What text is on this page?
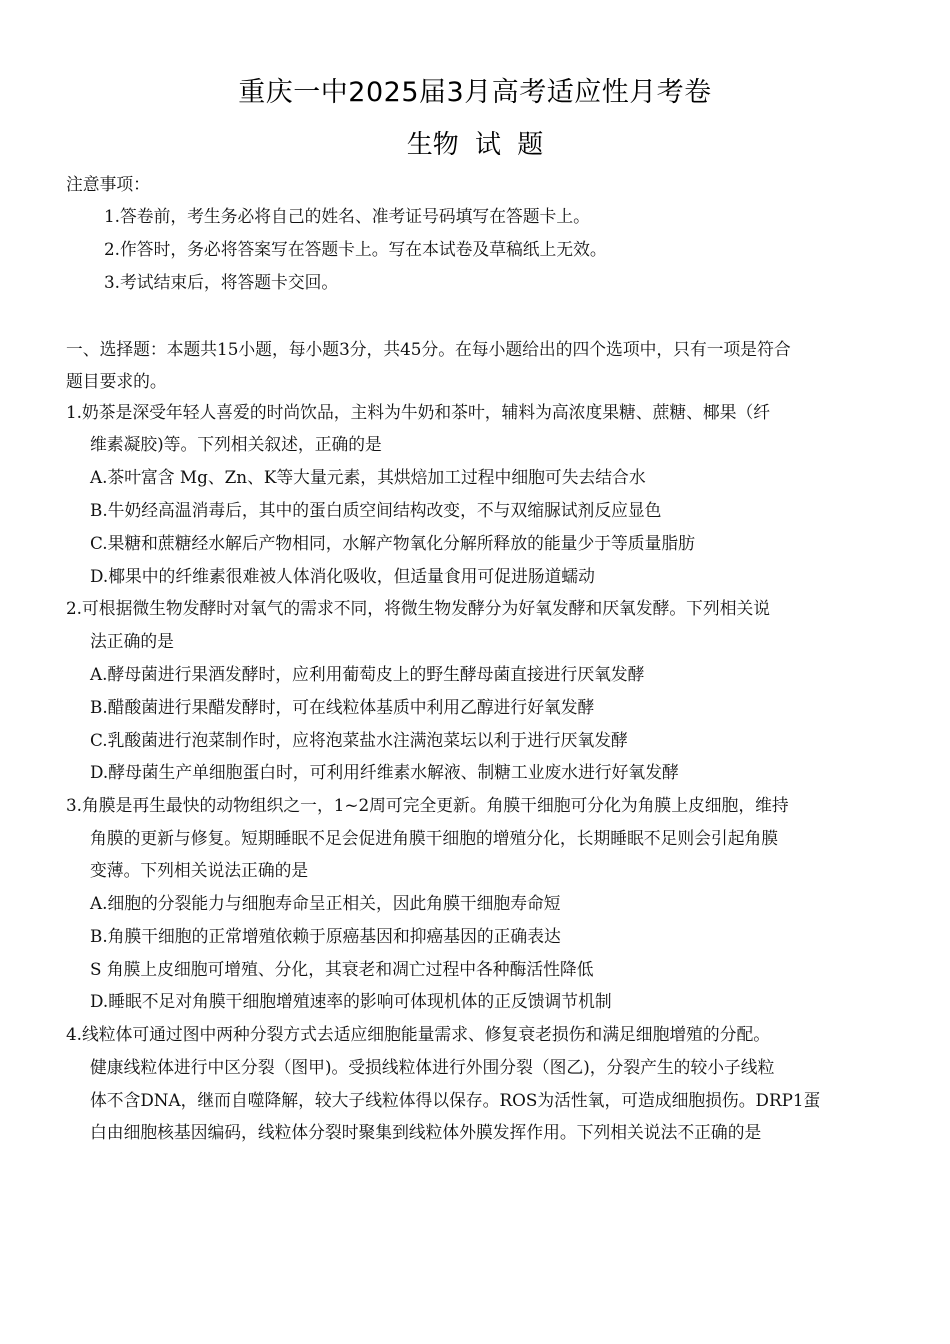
重庆一中2025届3月高考适应性月考卷
生物 试 题
注意事项：
1.答卷前，考生务必将自己的姓名、准考证号码填写在答题卡上。
2.作答时，务必将答案写在答题卡上。写在本试卷及草稿纸上无效。
3.考试结束后，将答题卡交回。
一、选择题：本题共15小题，每小题3分，共45分。在每小题给出的四个选项中，只有一项是符合
题目要求的。
1.奶茶是深受年轻人喜爱的时尚饮品，主料为牛奶和茶叶，辅料为高浓度果糖、蔗糖、椰果（纤
维素凝胶)等。下列相关叙述，正确的是
A.茶叶富含 Mg、Zn、K等大量元素，其烘焙加工过程中细胞可失去结合水
B.牛奶经高温消毒后，其中的蛋白质空间结构改变，不与双缩脲试剂反应显色
C.果糖和蔗糖经水解后产物相同，水解产物氧化分解所释放的能量少于等质量脂肪
D.椰果中的纤维素很难被人体消化吸收，但适量食用可促进肠道蠕动
2.可根据微生物发酵时对氧气的需求不同，将微生物发酵分为好氧发酵和厌氧发酵。下列相关说
法正确的是
A.酵母菌进行果酒发酵时，应利用葡萄皮上的野生酵母菌直接进行厌氧发酵
B.醋酸菌进行果醋发酵时，可在线粒体基质中利用乙醇进行好氧发酵
C.乳酸菌进行泡菜制作时，应将泡菜盐水注满泡菜坛以利于进行厌氧发酵
D.酵母菌生产单细胞蛋白时，可利用纤维素水解液、制糖工业废水进行好氧发酵
3.角膜是再生最快的动物组织之一，1~2周可完全更新。角膜干细胞可分化为角膜上皮细胞，维持
角膜的更新与修复。短期睡眠不足会促进角膜干细胞的增殖分化，长期睡眠不足则会引起角膜
变薄。下列相关说法正确的是
A.细胞的分裂能力与细胞寿命呈正相关，因此角膜干细胞寿命短
B.角膜干细胞的正常增殖依赖于原癌基因和抑癌基因的正确表达
S 角膜上皮细胞可增殖、分化，其衰老和凋亡过程中各种酶活性降低
D.睡眠不足对角膜干细胞增殖速率的影响可体现机体的正反馈调节机制
4.线粒体可通过图中两种分裂方式去适应细胞能量需求、修复衰老损伤和满足细胞增殖的分配。
健康线粒体进行中区分裂（图甲)。受损线粒体进行外围分裂（图乙)，分裂产生的较小子线粒
体不含DNA，继而自噬降解，较大子线粒体得以保存。ROS为活性氧，可造成细胞损伤。DRP1蛋
白由细胞核基因编码，线粒体分裂时聚集到线粒体外膜发挥作用。下列相关说法不正确的是
